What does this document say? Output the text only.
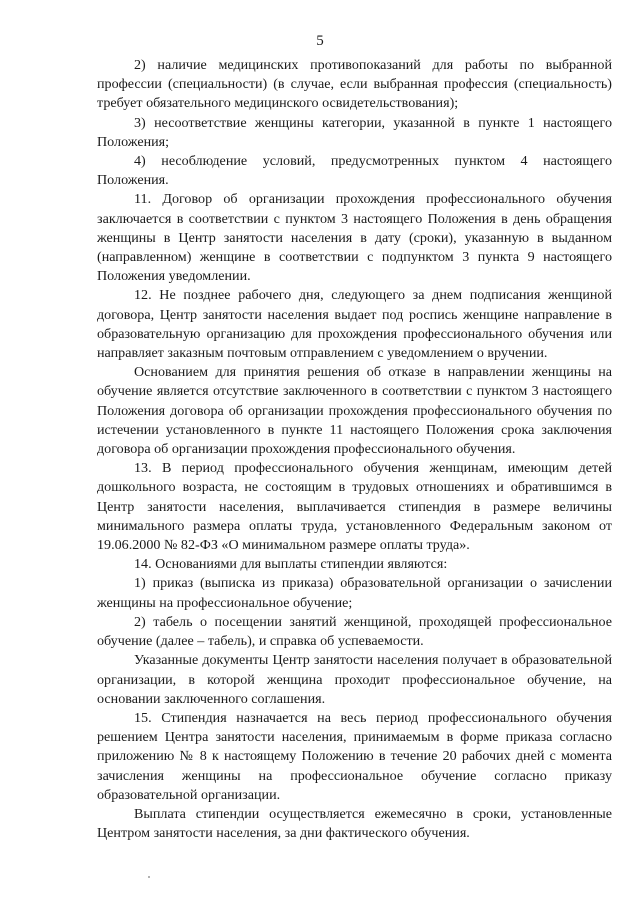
5

2) наличие медицинских противопоказаний для работы по выбранной профессии (специальности) (в случае, если выбранная профессия (специальность) требует обязательного медицинского освидетельствования);

3) несоответствие женщины категории, указанной в пункте 1 настоящего Положения;

4) несоблюдение условий, предусмотренных пунктом 4 настоящего Положения.

11. Договор об организации прохождения профессионального обучения заключается в соответствии с пунктом 3 настоящего Положения в день обращения женщины в Центр занятости населения в дату (сроки), указанную в выданном (направленном) женщине в соответствии с подпунктом 3 пункта 9 настоящего Положения уведомлении.

12. Не позднее рабочего дня, следующего за днем подписания женщиной договора, Центр занятости населения выдает под роспись женщине направление в образовательную организацию для прохождения профессионального обучения или направляет заказным почтовым отправлением с уведомлением о вручении.

Основанием для принятия решения об отказе в направлении женщины на обучение является отсутствие заключенного в соответствии с пунктом 3 настоящего Положения договора об организации прохождения профессионального обучения по истечении установленного в пункте 11 настоящего Положения срока заключения договора об организации прохождения профессионального обучения.

13. В период профессионального обучения женщинам, имеющим детей дошкольного возраста, не состоящим в трудовых отношениях и обратившимся в Центр занятости населения, выплачивается стипендия в размере величины минимального размера оплаты труда, установленного Федеральным законом от 19.06.2000 № 82-ФЗ «О минимальном размере оплаты труда».

14. Основаниями для выплаты стипендии являются:

1) приказ (выписка из приказа) образовательной организации о зачислении женщины на профессиональное обучение;

2) табель о посещении занятий женщиной, проходящей профессиональное обучение (далее – табель), и справка об успеваемости.

Указанные документы Центр занятости населения получает в образовательной организации, в которой женщина проходит профессиональное обучение, на основании заключенного соглашения.

15. Стипендия назначается на весь период профессионального обучения решением Центра занятости населения, принимаемым в форме приказа согласно приложению № 8 к настоящему Положению в течение 20 рабочих дней с момента зачисления женщины на профессиональное обучение согласно приказу образовательной организации.

Выплата стипендии осуществляется ежемесячно в сроки, установленные Центром занятости населения, за дни фактического обучения.
